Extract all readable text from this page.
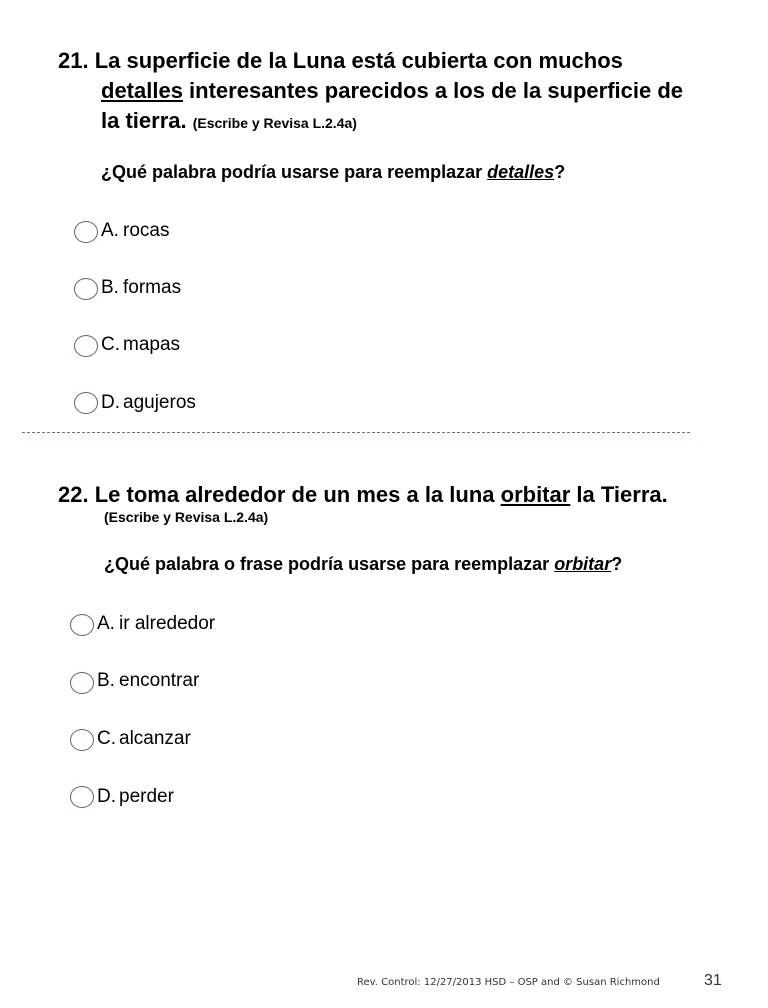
21. La superficie de la Luna está cubierta con muchos
detalles interesantes parecidos a los de la superficie de
la tierra. (Escribe y Revisa L.2.4a)
¿Qué palabra podría usarse para reemplazar detalles?
A. rocas
B. formas
C. mapas
D. agujeros
22. Le toma alrededor de un mes a la luna orbitar la Tierra.
(Escribe y Revisa L.2.4a)
¿Qué palabra o frase podría usarse para reemplazar orbitar?
A. ir alrededor
B. encontrar
C. alcanzar
D. perder
Rev. Control: 12/27/2013 HSD – OSP and © Susan Richmond	31
